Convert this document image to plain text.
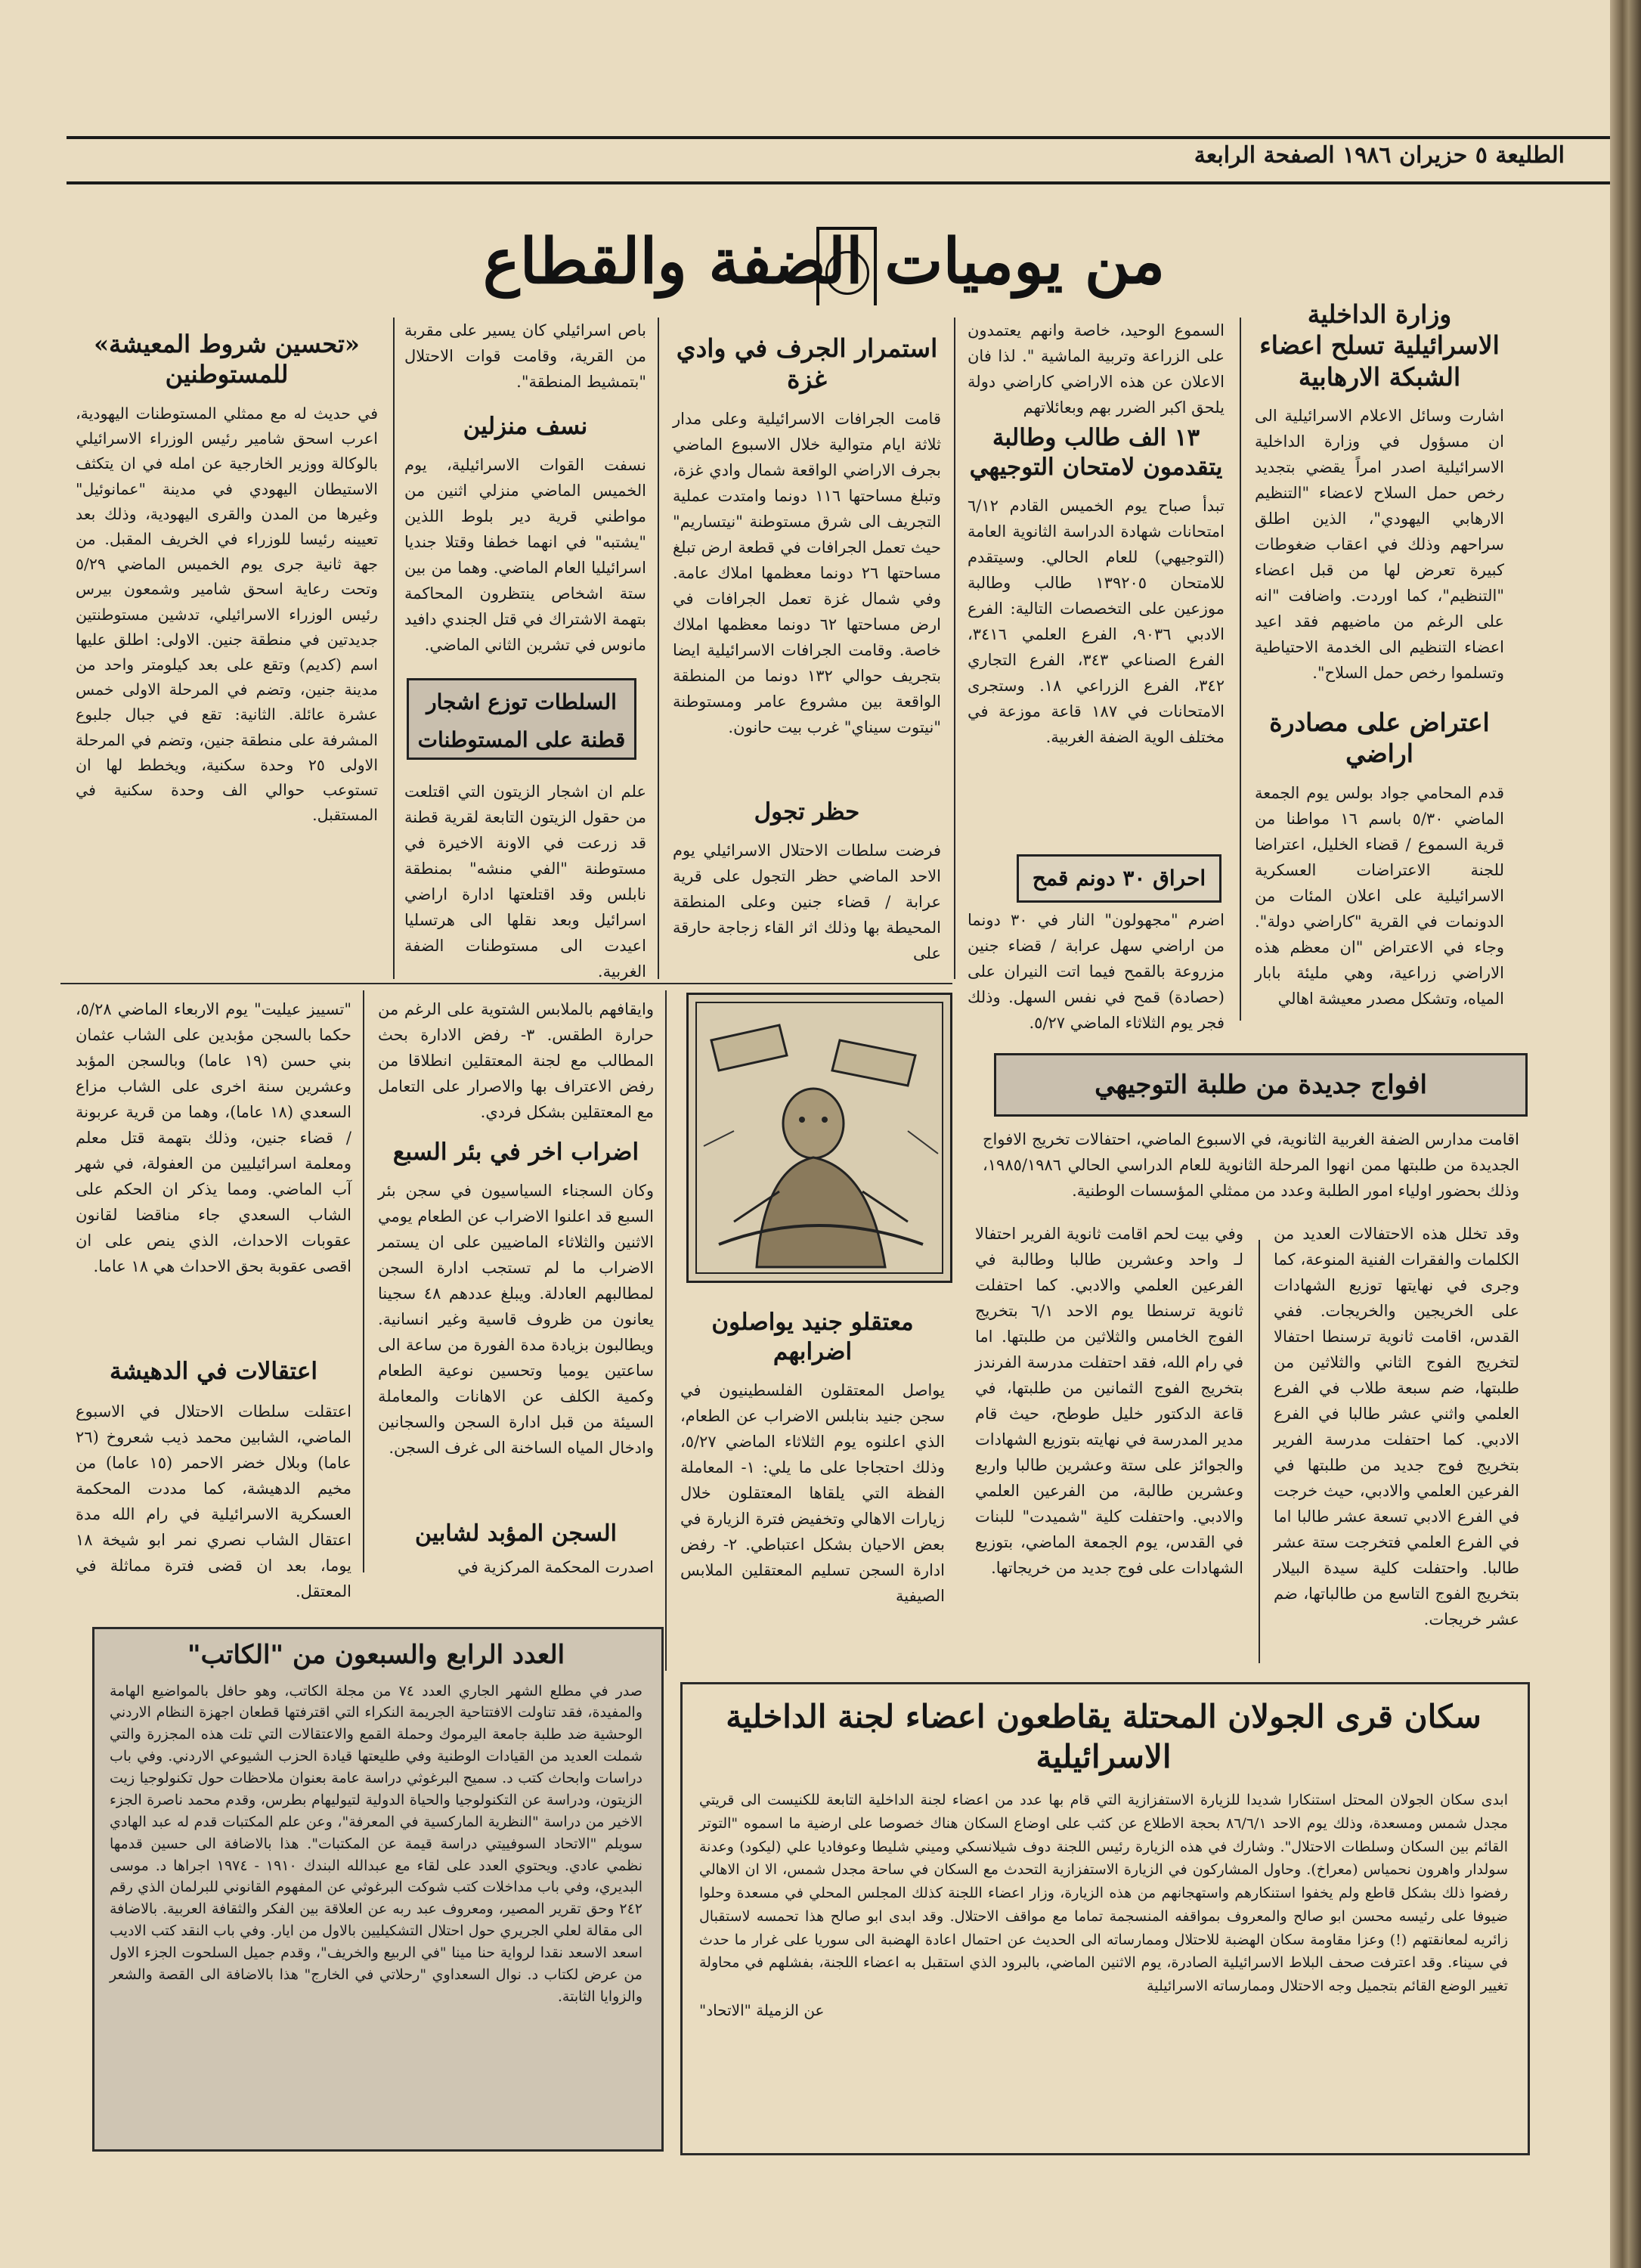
الطليعة ٥ حزيران ١٩٨٦ الصفحة الرابعة
من يوميات الضفة والقطاع
وزارة الداخلية الاسرائيلية تسلح اعضاء الشبكة الارهابية
اشارت وسائل الاعلام الاسرائيلية الى ان مسؤول في وزارة الداخلية الاسرائيلية اصدر امراً يقضي بتجديد رخص حمل السلاح لاعضاء "التنظيم الارهابي اليهودي"، الذين اطلق سراحهم وذلك في اعقاب ضغوطات كبيرة تعرض لها من قبل اعضاء "التنظيم"، كما اوردت. واضافت "انه على الرغم من ماضيهم فقد اعيد اعضاء التنظيم الى الخدمة الاحتياطية وتسلموا رخص حمل السلاح".
اعتراض على مصادرة اراضي
قدم المحامي جواد بولس يوم الجمعة الماضي ٥/٣٠ باسم ١٦ مواطنا من قرية السموع / قضاء الخليل، اعتراضا للجنة الاعتراضات العسكرية الاسرائيلية على اعلان المئات من الدونمات في القرية "كاراضي دولة". وجاء في الاعتراض "ان معظم هذه الاراضي زراعية، وهي مليئة بابار المياه، وتشكل مصدر معيشة اهالي
السموع الوحيد، خاصة وانهم يعتمدون على الزراعة وتربية الماشية ". لذا فان الاعلان عن هذه الاراضي كاراضي دولة يلحق اكبر الضرر بهم وبعائلاتهم
١٣ الف طالب وطالبة يتقدمون لامتحان التوجيهي
تبدأ صباح يوم الخميس القادم ٦/١٢ امتحانات شهادة الدراسة الثانوية العامة (التوجيهي) للعام الحالي. وسيتقدم للامتحان ١٣٩٢٠٥ طالب وطالبة موزعين على التخصصات التالية: الفرع الادبي ٩٠٣٦، الفرع العلمي ٣٤١٦، الفرع الصناعي ٣٤٣، الفرع التجاري ٣٤٢، الفرع الزراعي ١٨. وستجرى الامتحانات في ١٨٧ قاعة موزعة في مختلف الوية الضفة الغربية.
احراق ٣٠ دونم قمح
اضرم "مجهولون" النار في ٣٠ دونما من اراضي سهل عرابة / قضاء جنين مزروعة بالقمح فيما اتت النيران على (حصادة) قمح في نفس السهل. وذلك فجر يوم الثلاثاء الماضي ٥/٢٧.
استمرار الجرف في وادي غزة
قامت الجرافات الاسرائيلية وعلى مدار ثلاثة ايام متوالية خلال الاسبوع الماضي بجرف الاراضي الواقعة شمال وادي غزة، وتبلغ مساحتها ١١٦ دونما وامتدت عملية التجريف الى شرق مستوطنة "نيتساريم" حيث تعمل الجرافات في قطعة ارض تبلغ مساحتها ٢٦ دونما معظمها املاك عامة. وفي شمال غزة تعمل الجرافات في ارض مساحتها ٦٢ دونما معظمها املاك خاصة. وقامت الجرافات الاسرائيلية ايضا بتجريف حوالي ١٣٢ دونما من المنطقة الواقعة بين مشروع عامر ومستوطنة "نيتوت سيناي" غرب بيت حانون.
حظر تجول
فرضت سلطات الاحتلال الاسرائيلي يوم الاحد الماضي حظر التجول على قرية عرابة / قضاء جنين وعلى المنطقة المحيطة بها وذلك اثر القاء زجاجة حارقة على
باص اسرائيلي كان يسير على مقربة من القرية، وقامت قوات الاحتلال "بتمشيط المنطقة".
نسف منزلين
نسفت القوات الاسرائيلية، يوم الخميس الماضي منزلي اثنين من مواطني قرية دير بلوط اللذين "يشتبه" في انهما خطفا وقتلا جنديا اسرائيليا العام الماضي. وهما من بين ستة اشخاص ينتظرون المحاكمة بتهمة الاشتراك في قتل الجندي دافيد مانوس في تشرين الثاني الماضي.
السلطات توزع اشجار قطنة على المستوطنات
علم ان اشجار الزيتون التي اقتلعت من حقول الزيتون التابعة لقرية قطنة قد زرعت في الاونة الاخيرة في مستوطنة "الفي منشه" بمنطقة نابلس وقد اقتلعتها ادارة اراضي اسرائيل وبعد نقلها الى هرتسليا اعيدت الى مستوطنات الضفة الغربية.
«تحسين شروط المعيشة» للمستوطنين
في حديث له مع ممثلي المستوطنات اليهودية، اعرب اسحق شامير رئيس الوزراء الاسرائيلي بالوكالة ووزير الخارجية عن امله في ان يتكثف الاستيطان اليهودي في مدينة "عمانوئيل" وغيرها من المدن والقرى اليهودية، وذلك بعد تعيينه رئيسا للوزراء في الخريف المقبل. من جهة ثانية جرى يوم الخميس الماضي ٥/٢٩ وتحت رعاية اسحق شامير وشمعون بيرس رئيس الوزراء الاسرائيلي، تدشين مستوطنتين جديدتين في منطقة جنين. الاولى: اطلق عليها اسم (كديم) وتقع على بعد كيلومتر واحد من مدينة جنين، وتضم في المرحلة الاولى خمس عشرة عائلة. الثانية: تقع في جبال جلبوع المشرفة على منطقة جنين، وتضم في المرحلة الاولى ٢٥ وحدة سكنية، ويخطط لها ان تستوعب حوالي الف وحدة سكنية في المستقبل.
"تسييز عيليت" يوم الاربعاء الماضي ٥/٢٨، حكما بالسجن مؤبدين على الشاب عثمان بني حسن (١٩ عاما) وبالسجن المؤبد وعشرين سنة اخرى على الشاب مزاع السعدي (١٨ عاما)، وهما من قرية عربونة / قضاء جنين، وذلك بتهمة قتل معلم ومعلمة اسرائيليين من العفولة، في شهر آب الماضي. ومما يذكر ان الحكم على الشاب السعدي جاء مناقضا لقانون عقوبات الاحداث، الذي ينص على ان اقصى عقوبة بحق الاحداث هي ١٨ عاما.
اعتقالات في الدهيشة
اعتقلت سلطات الاحتلال في الاسبوع الماضي، الشابين محمد ذيب شعروخ (٢٦ عاما) وبلال خضر الاحمر (١٥ عاما) من مخيم الدهيشة، كما مددت المحكمة العسكرية الاسرائيلية في رام الله مدة اعتقال الشاب نصري نمر ابو شيخة ١٨ يوما، بعد ان قضى فترة مماثلة في المعتقل.
وايقافهم بالملابس الشتوية على الرغم من حرارة الطقس. ٣- رفض الادارة بحث المطالب مع لجنة المعتقلين انطلاقا من رفض الاعتراف بها والاصرار على التعامل مع المعتقلين بشكل فردي.
اضراب اخر في بئر السبع
وكان السجناء السياسيون في سجن بئر السبع قد اعلنوا الاضراب عن الطعام يومي الاثنين والثلاثاء الماضيين على ان يستمر الاضراب ما لم تستجب ادارة السجن لمطالبهم العادلة. ويبلغ عددهم ٤٨ سجينا يعانون من ظروف قاسية وغير انسانية. ويطالبون بزيادة مدة الفورة من ساعة الى ساعتين يوميا وتحسين نوعية الطعام وكمية الكلف عن الاهانات والمعاملة السيئة من قبل ادارة السجن والسجانين وادخال المياه الساخنة الى غرف السجن.
السجن المؤبد لشابين
اصدرت المحكمة المركزية في
معتقلو جنيد يواصلون اضرابهم
يواصل المعتقلون الفلسطينيون في سجن جنيد بنابلس الاضراب عن الطعام، الذي اعلنوه يوم الثلاثاء الماضي ٥/٢٧، وذلك احتجاجا على ما يلي: ١- المعاملة الفظة التي يلقاها المعتقلون خلال زيارات الاهالي وتخفيض فترة الزيارة في بعض الاحيان بشكل اعتباطي. ٢- رفض ادارة السجن تسليم المعتقلين الملابس الصيفية
افواج جديدة من طلبة التوجيهي
اقامت مدارس الضفة الغربية الثانوية، في الاسبوع الماضي، احتفالات تخريج الافواج الجديدة من طلبتها ممن انهوا المرحلة الثانوية للعام الدراسي الحالي ١٩٨٥/١٩٨٦، وذلك بحضور اولياء امور الطلبة وعدد من ممثلي المؤسسات الوطنية.
وقد تخلل هذه الاحتفالات العديد من الكلمات والفقرات الفنية المنوعة، كما وجرى في نهايتها توزيع الشهادات على الخريجين والخريجات. ففي القدس، اقامت ثانوية ترسنطا احتفالا لتخريج الفوج الثاني والثلاثين من طلبتها، ضم سبعة طلاب في الفرع العلمي واثني عشر طالبا في الفرع الادبي. كما احتفلت مدرسة الفرير بتخريج فوج جديد من طلبتها في الفرعين العلمي والادبي، حيث خرجت في الفرع الادبي تسعة عشر طالبا اما في الفرع العلمي فتخرجت ستة عشر طالبا. واحتفلت كلية سيدة البيلار بتخريج الفوج التاسع من طالباتها، ضم عشر خريجات.
وفي بيت لحم اقامت ثانوية الفرير احتفالا لـ واحد وعشرين طالبا وطالبة في الفرعين العلمي والادبي. كما احتفلت ثانوية ترسنطا يوم الاحد ٦/١ بتخريج الفوج الخامس والثلاثين من طلبتها. اما في رام الله، فقد احتفلت مدرسة الفرندز بتخريج الفوج الثمانين من طلبتها، في قاعة الدكتور خليل طوطح، حيث قام مدير المدرسة في نهايته بتوزيع الشهادات والجوائز على ستة وعشرين طالبا واربع وعشرين طالبة، من الفرعين العلمي والادبي. واحتفلت كلية "شميدت" للبنات في القدس، يوم الجمعة الماضي، بتوزيع الشهادات على فوج جديد من خريجاتها.
العدد الرابع والسبعون من "الكاتب"
صدر في مطلع الشهر الجاري العدد ٧٤ من مجلة الكاتب، وهو حافل بالمواضيع الهامة والمفيدة، فقد تناولت الافتتاحية الجريمة النكراء التي اقترفتها قطعان اجهزة النظام الاردني الوحشية ضد طلبة جامعة اليرموك وحملة القمع والاعتقالات التي تلت هذه المجزرة والتي شملت العديد من القيادات الوطنية وفي طليعتها قيادة الحزب الشيوعي الاردني. وفي باب دراسات وابحاث كتب د. سميح البرغوثي دراسة عامة بعنوان ملاحظات حول تكنولوجيا زيت الزيتون، ودراسة عن التكنولوجيا والحياة الدولية لتيوليهام بطرس، وقدم محمد ناصرة الجزء الاخير من دراسة "النظرية الماركسية في المعرفة"، وعن علم المكتبات قدم له عبد الهادي سويلم "الاتحاد السوفييتي دراسة قيمة عن المكتبات". هذا بالاضافة الى حسين قدمها نظمي عادي. ويحتوي العدد على لقاء مع عبدالله البندك ١٩١٠ - ١٩٧٤ اجراها د. موسى البديري، وفي باب مداخلات كتب شوكت البرغوثي عن المفهوم القانوني للبرلمان الذي رقم ٢٤٢ وحق تقرير المصير، ومعروف عبد ربه عن العلاقة بين الفكر والثقافة العربية. بالاضافة الى مقالة لعلي الجريري حول احتلال التشكيليين بالاول من ايار. وفي باب النقد كتب الاديب اسعد الاسعد نقدا لرواية حنا مينا "في الربيع والخريف"، وقدم جميل السلحوت الجزء الاول من عرض لكتاب د. نوال السعداوي "رحلاتي في الخارج" هذا بالاضافة الى القصة والشعر والزوايا الثابتة.
سكان قرى الجولان المحتلة يقاطعون اعضاء لجنة الداخلية الاسرائيلية
ابدى سكان الجولان المحتل استنكارا شديدا للزيارة الاستفزازية التي قام بها عدد من اعضاء لجنة الداخلية التابعة للكنيست الى قريتي مجدل شمس ومسعدة، وذلك يوم الاحد ٨٦/٦/١ بحجة الاطلاع عن كثب على اوضاع السكان هناك خصوصا على ارضية ما اسموه "التوتر القائم بين السكان وسلطات الاحتلال". وشارك في هذه الزيارة رئيس اللجنة دوف شيلانسكي وميني شليطا وعوفاديا علي (ليكود) وعدنة سولدار واهرون نحمياس (معراخ). وحاول المشاركون في الزيارة الاستفزازية التحدث مع السكان في ساحة مجدل شمس، الا ان الاهالي رفضوا ذلك بشكل قاطع ولم يخفوا استنكارهم واستهجانهم من هذه الزيارة، وزار اعضاء اللجنة كذلك المجلس المحلي في مسعدة وحلوا ضيوفا على رئيسه محسن ابو صالح والمعروف بمواقفه المنسجمة تماما مع مواقف الاحتلال. وقد ابدى ابو صالح هذا تحمسه لاستقبال زائريه لمعانقتهم (!) وعزا مقاومة سكان الهضبة للاحتلال وممارساته الى الحديث عن احتمال اعادة الهضبة الى سوريا على غرار ما حدث في سيناء. وقد اعترفت صحف البلاط الاسرائيلية الصادرة، يوم الاثنين الماضي، بالبرود الذي استقبل به اعضاء اللجنة، بفشلهم في محاولة تغيير الوضع القائم بتجميل وجه الاحتلال وممارساته الاسرائيلية
عن الزميلة "الاتحاد"
